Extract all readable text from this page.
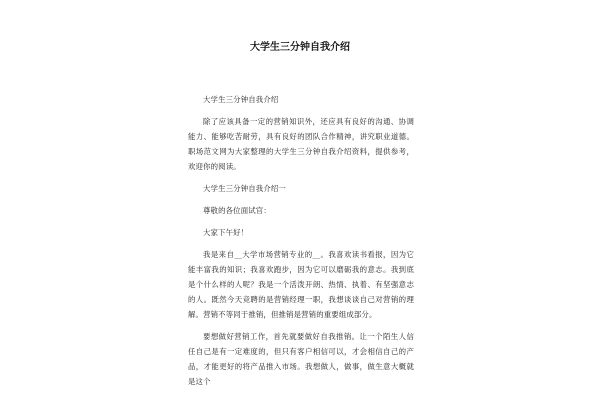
大学生三分钟自我介绍

大学生三分钟自我介绍

除了应该具备一定的营销知识外，还应具有良好的沟通、协调能力、能够吃苦耐劳，具有良好的团队合作精神，讲究职业道德。职场范文网为大家整理的大学生三分钟自我介绍资料，提供参考，欢迎你的阅读。

大学生三分钟自我介绍一

尊敬的各位面试官：

大家下午好！

我是来自__大学市场营销专业的__。我喜欢读书看报，因为它能丰富我的知识；我喜欢跑步，因为它可以磨砺我的意志。我到底是个什么样的人呢？我是一个活泼开朗、热情、执着、有坚强意志的人。既然今天竞聘的是营销经理一职，我想谈谈自己对营销的理解。营销不等同于推销，但推销是营销的重要组成部分。

要想做好营销工作，首先就要做好自我推销。让一个陌生人信任自己是有一定难度的，但只有客户相信可以，才会相信自己的产品，才能更好的将产品推入市场。我想做人，做事，做生意大概就是这个
